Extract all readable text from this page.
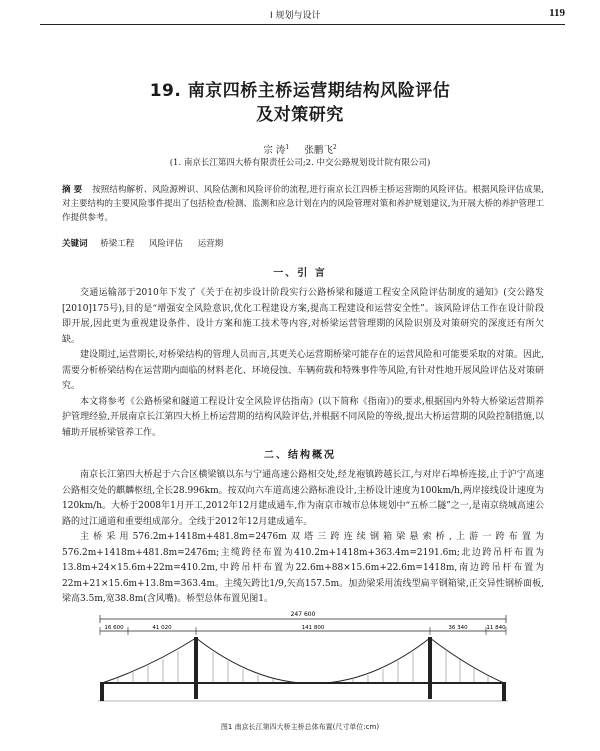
Ⅰ 规划与设计	119
19. 南京四桥主桥运营期结构风险评估
及对策研究
宗 涛$^1$ 张鹏飞$^2$
(1. 南京长江第四大桥有限责任公司;2. 中交公路规划设计院有限公司)
摘 要 按照结构解析、风险源辨识、风险估测和风险评价的流程,进行南京长江四桥主桥运营期的风险评估。根据风险评估成果,对主要结构的主要风险事件提出了包括检查/检测、监测和应急计划在内的风险管理对策和养护规划建议,为开展大桥的养护管理工作提供参考。
关键词 桥梁工程 风险评估 运营期
一、引 言

交通运输部于2010年下发了《关于在初步设计阶段实行公路桥梁和隧道工程安全风险评估制度的通知》(交公路发[2010]175号),目的是“增强安全风险意识,优化工程建设方案,提高工程建设和运营安全性”。该风险评估工作在设计阶段即开展,因此更为重视建设条件、设计方案和施工技术等内容,对桥梁运营管理期的风险识别及对策研究的深度还有所欠缺。

建设期过,运营期长,对桥梁结构的管理人员而言,其更关心运营期桥梁可能存在的运营风险和可能要采取的对策。因此,需要分析桥梁结构在运营期内面临的材料老化、环境侵蚀、车辆荷载和特殊事件等风险,有针对性地开展风险评估及对策研究。

本文将参考《公路桥梁和隧道工程设计安全风险评估指南》(以下简称《指南》)的要求,根据国内外特大桥梁运营期养护管理经验,开展南京长江第四大桥上桥运营期的结构风险评估,并根据不同风险的等级,提出大桥运营期的风险控制措施,以辅助开展桥梁管养工作。

二、结构概况

南京长江第四大桥起于六合区横梁镇以东与宁通高速公路相交处,经龙袍镇跨越长江,与对岸石埠桥连接,止于沪宁高速公路相交处的麒麟枢纽,全长28.996km。按双向六车道高速公路标准设计,主桥设计速度为100km/h,两岸接线设计速度为120km/h。大桥于2008年1月开工,2012年12月建成通车,作为南京市城市总体规划中“五桥二隧”之一,是南京绕城高速公路的过江通道和重要组成部分。全线于2012年12月建成通车。

主桥采用576.2m+1418m+481.8m=2476m双塔三跨连续钢箱梁悬索桥,上游一跨布置为576.2m+1418m+481.8m=2476m;主缆跨径布置为410.2m+1418m+363.4m=2191.6m;北边跨吊杆布置为13.8m+24×15.6m+22m=410.2m,中跨吊杆布置为22.6m+88×15.6m+22.6m=1418m,南边跨吊杆布置为22m+21×15.6m+13.8m=363.4m。主缆矢跨比1/9,矢高157.5m。加劲梁采用流线型扁平钢箱梁,正交异性钢桥面板,梁高3.5m,宽38.8m(含风嘴)。桥型总体布置见图1。

247 600
16 600	41 020	141 800	36 340	11 840
图1 南京长江第四大桥主桥总体布置(尺寸单位:cm)
